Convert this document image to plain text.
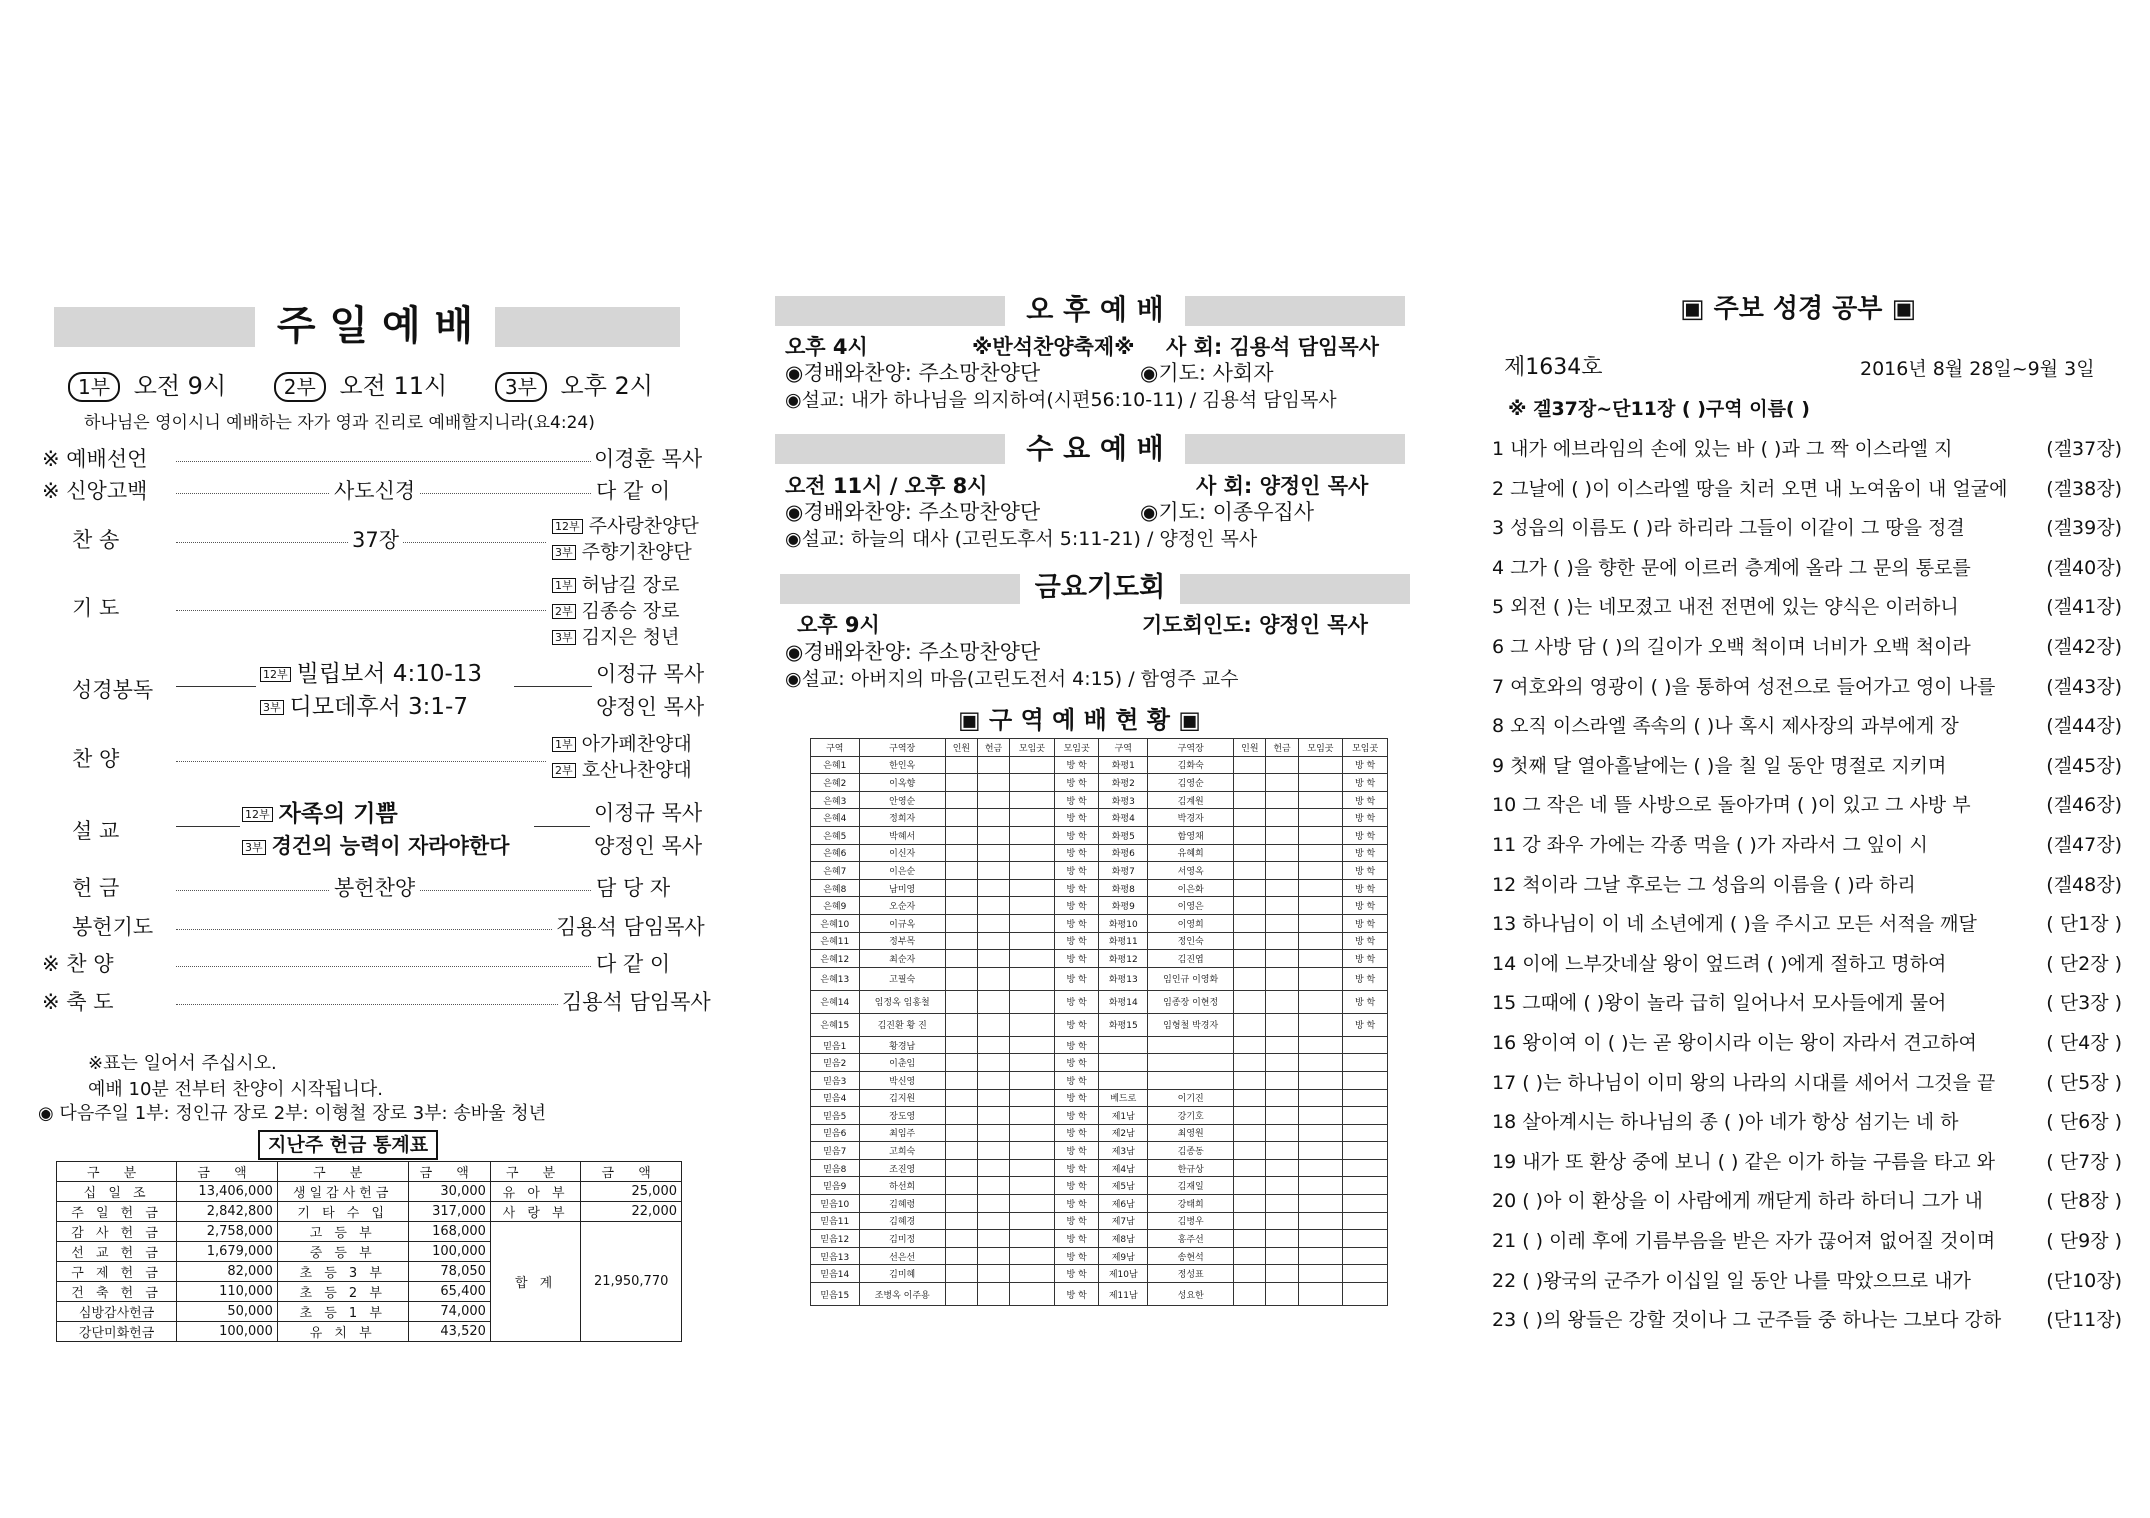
주 일 예 배
1부 오전 9시	2부 오전 11시	3부 오후 2시
하나님은 영이시니 예배하는 자가 영과 진리로 예배할지니라(요4:24)
※ 예배선언	이경훈 목사
※ 신앙고백	사도신경	다 같 이
찬 송	37장
12부 주사랑찬양단
3부 주향기찬양단
기 도
1부 허남길 장로
2부 김종승 장로
3부 김지은 청년
성경봉독
12부 빌립보서 4:10-13	이정규 목사
3부 디모데후서 3:1-7	양정인 목사
찬 양
1부 아가페찬양대
2부 호산나찬양대
설 교
12부 자족의 기쁨	이정규 목사
3부 경건의 능력이 자라야한다	양정인 목사
헌 금	봉헌찬양	담 당 자
봉헌기도	김용석 담임목사
※ 찬 양	다 같 이
※ 축 도	김용석 담임목사
※표는 일어서 주십시오.
예배 10분 전부터 찬양이 시작됩니다.
◉ 다음주일 1부: 정인규 장로 2부: 이형철 장로 3부: 송바울 청년
지난주 헌금 통계표
구 분	금 액	구 분	금 액	구 분	금 액
십 일 조	13,406,000	생일감사헌금	30,000	유 아 부	25,000
주 일 헌 금	2,842,800	기 타 수 입	317,000	사 랑 부	22,000
감 사 헌 금	2,758,000	고 등 부	168,000	합 계	21,950,770
선 교 헌 금	1,679,000	중 등 부	100,000		
구 제 헌 금	82,000	초 등 3 부	78,050		
건 축 헌 금	110,000	초 등 2 부	65,400		
심방감사헌금	50,000	초 등 1 부	74,000		
강단미화헌금	100,000	유 치 부	43,520		
오 후 예 배
오후 4시	※반석찬양축제※ 사 회: 김용석 담임목사
◉경배와찬양: 주소망찬양단	◉기도: 사회자
◉설교: 내가 하나님을 의지하여(시편56:10-11) / 김용석 담임목사
수 요 예 배
오전 11시 / 오후 8시	사 회: 양정인 목사
◉경배와찬양: 주소망찬양단	◉기도: 이종우집사
◉설교: 하늘의 대사 (고린도후서 5:11-21) / 양정인 목사
금요기도회
오후 9시	기도회인도: 양정인 목사
◉경배와찬양: 주소망찬양단
◉설교: 아버지의 마음(고린도전서 4:15) / 함영주 교수
▣ 구 역 예 배 현 황 ▣
구역	구역장	인원	헌금	모임곳	모임곳	구역	구역장	인원	헌금	모임곳	모임곳
은혜1	한인옥				방 학	화평1	김화숙				방 학
은혜2	이옥향				방 학	화평2	김영순				방 학
은혜3	안영순				방 학	화평3	김계원				방 학
은혜4	정희자				방 학	화평4	박경자				방 학
은혜5	박혜서				방 학	화평5	함영채				방 학
은혜6	이신자				방 학	화평6	유혜희				방 학
은혜7	이은순				방 학	화평7	서영옥				방 학
은혜8	남미영				방 학	화평8	이은화				방 학
은혜9	오순자				방 학	화평9	이영은				방 학
은혜10	이규옥				방 학	화평10	이영희				방 학
은혜11	정부목				방 학	화평11	정인숙				방 학
은혜12	최순자				방 학	화평12	김진엽				방 학
은혜13	고필숙				방 학	화평13	임인규 이영화				방 학
은혜14	임정옥 임홍철				방 학	화평14	임종장 이현정				방 학
은혜15	김진환 황 진				방 학	화평15	임형철 박경자				방 학
믿음1	황경남				방 학						
믿음2	이춘임				방 학						
믿음3	박신영				방 학						
믿음4	김지원				방 학	베드로	이기진				
믿음5	장도영				방 학	제1남	강기호				
믿음6	최임주				방 학	제2남	최영원				
믿음7	고희숙				방 학	제3남	김종동				
믿음8	조진영				방 학	제4남	한규상				
믿음9	하선희				방 학	제5남	김재일				
믿음10	김혜령				방 학	제6남	강태희				
믿음11	김혜경				방 학	제7남	김병우				
믿음12	김미정				방 학	제8남	홍주선				
믿음13	선은선				방 학	제9남	송현석				
믿음14	김미혜				방 학	제10남	정성표				
믿음15	조병옥 이주용				방 학	제11남	성요한				
▣ 주보 성경 공부 ▣
제1634호	2016년 8월 28일~9월 3일
※ 겔37장~단11장 ( )구역 이름( )
1 내가 에브라임의 손에 있는 바 ( )과 그 짝 이스라엘 지	(겔37장)
2 그날에 ( )이 이스라엘 땅을 치러 오면 내 노여움이 내 얼굴에 (겔38장)
3 성읍의 이름도 ( )라 하리라 그들이 이같이 그 땅을 정결	(겔39장)
4 그가 ( )을 향한 문에 이르러 층계에 올라 그 문의 통로를	(겔40장)
5 외전 ( )는 네모졌고 내전 전면에 있는 양식은 이러하니	(겔41장)
6 그 사방 담 ( )의 길이가 오백 척이며 너비가 오백 척이라	(겔42장)
7 여호와의 영광이 ( )을 통하여 성전으로 들어가고 영이 나를	(겔43장)
8 오직 이스라엘 족속의 ( )나 혹시 제사장의 과부에게 장	(겔44장)
9 첫째 달 열아흘날에는 ( )을 칠 일 동안 명절로 지키며	(겔45장)
10 그 작은 네 뜰 사방으로 돌아가며 ( )이 있고 그 사방 부	(겔46장)
11 강 좌우 가에는 각종 먹을 ( )가 자라서 그 잎이 시	(겔47장)
12 척이라 그날 후로는 그 성읍의 이름을 ( )라 하리	(겔48장)
13 하나님이 이 네 소년에게 ( )을 주시고 모든 서적을 깨달	( 단1장 )
14 이에 느부갓네살 왕이 엎드려 ( )에게 절하고 명하여	( 단2장 )
15 그때에 ( )왕이 놀라 급히 일어나서 모사들에게 물어	( 단3장 )
16 왕이여 이 ( )는 곧 왕이시라 이는 왕이 자라서 견고하여	( 단4장 )
17 ( )는 하나님이 이미 왕의 나라의 시대를 세어서 그것을 끝	( 단5장 )
18 살아계시는 하나님의 종 ( )아 네가 항상 섬기는 네 하	( 단6장 )
19 내가 또 환상 중에 보니 ( ) 같은 이가 하늘 구름을 타고 와	( 단7장 )
20 ( )아 이 환상을 이 사람에게 깨닫게 하라 하더니 그가 내	( 단8장 )
21 ( ) 이레 후에 기름부음을 받은 자가 끊어져 없어질 것이며	( 단9장 )
22 ( )왕국의 군주가 이십일 일 동안 나를 막았으므로 내가	(단10장)
23 ( )의 왕들은 강할 것이나 그 군주들 중 하나는 그보다 강하 (단11장)
